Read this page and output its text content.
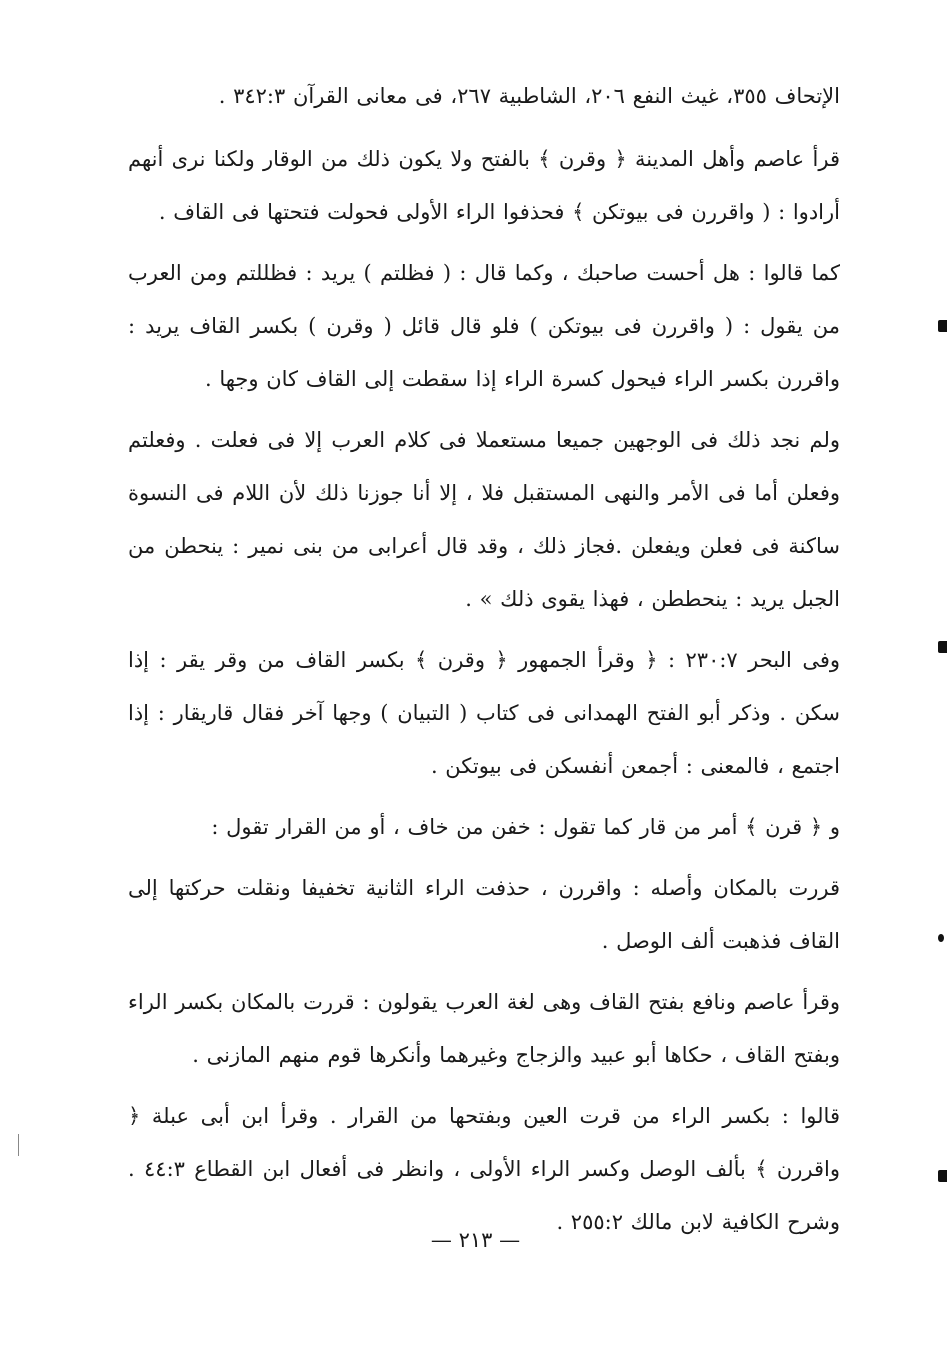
الإتحاف ٣٥٥، غيث النفع ٢٠٦، الشاطبية ٢٦٧، فى معانى القرآن ٣٤٢:٣ .

قرأ عاصم وأهل المدينة ﴿ وقرن ﴾ بالفتح ولا يكون ذلك من الوقار ولكنا نرى أنهم أرادوا : ( واقررن فى بيوتكن ﴾ فحذفوا الراء الأولى فحولت فتحتها فى القاف .

كما قالوا : هل أحست صاحبك ، وكما قال : ( فظلتم ) يريد : فظللتم ومن العرب من يقول : ( واقررن فى بيوتكن ) فلو قال قائل ( وقرن ) بكسر القاف يريد : واقررن بكسر الراء فيحول كسرة الراء إذا سقطت إلى القاف كان وجها .

ولم نجد ذلك فى الوجهين جميعا مستعملا فى كلام العرب إلا فى فعلت . وفعلتم وفعلن أما فى الأمر والنهى المستقبل فلا ، إلا أنا جوزنا ذلك لأن اللام فى النسوة ساكنة فى فعلن ويفعلن .فجاز ذلك ، وقد قال أعرابى من بنى نمير : ينحطن من الجبل يريد : ينحططن ، فهذا يقوى ذلك » .

وفى البحر ٢٣٠:٧ : ﴿ وقرأ الجمهور ﴿ وقرن ﴾ بكسر القاف من وقر يقر : إذا سكن . وذكر أبو الفتح الهمدانى فى كتاب ( التبيان ) وجها آخر فقال قاريقار : إذا اجتمع ، فالمعنى : أجمعن أنفسكن فى بيوتكن .

و ﴿ قرن ﴾ أمر من قار كما تقول : خفن من خاف ، أو من القرار تقول :

قررت بالمكان وأصله : واقررن ، حذفت الراء الثانية تخفيفا ونقلت حركتها إلى القاف فذهبت ألف الوصل .

وقرأ عاصم ونافع بفتح القاف وهى لغة العرب يقولون : قررت بالمكان بكسر الراء وبفتح القاف ، حكاها أبو عبيد والزجاج وغيرهما وأنكرها قوم منهم المازنى .

قالوا : بكسر الراء من قرت العين وبفتحها من القرار . وقرأ ابن أبى عبلة ﴿ واقررن ﴾ بألف الوصل وكسر الراء الأولى ، وانظر فى أفعال ابن القطاع ٤٤:٣ . وشرح الكافية لابن مالك ٢٥٥:٢ .

— ٢١٣ —
